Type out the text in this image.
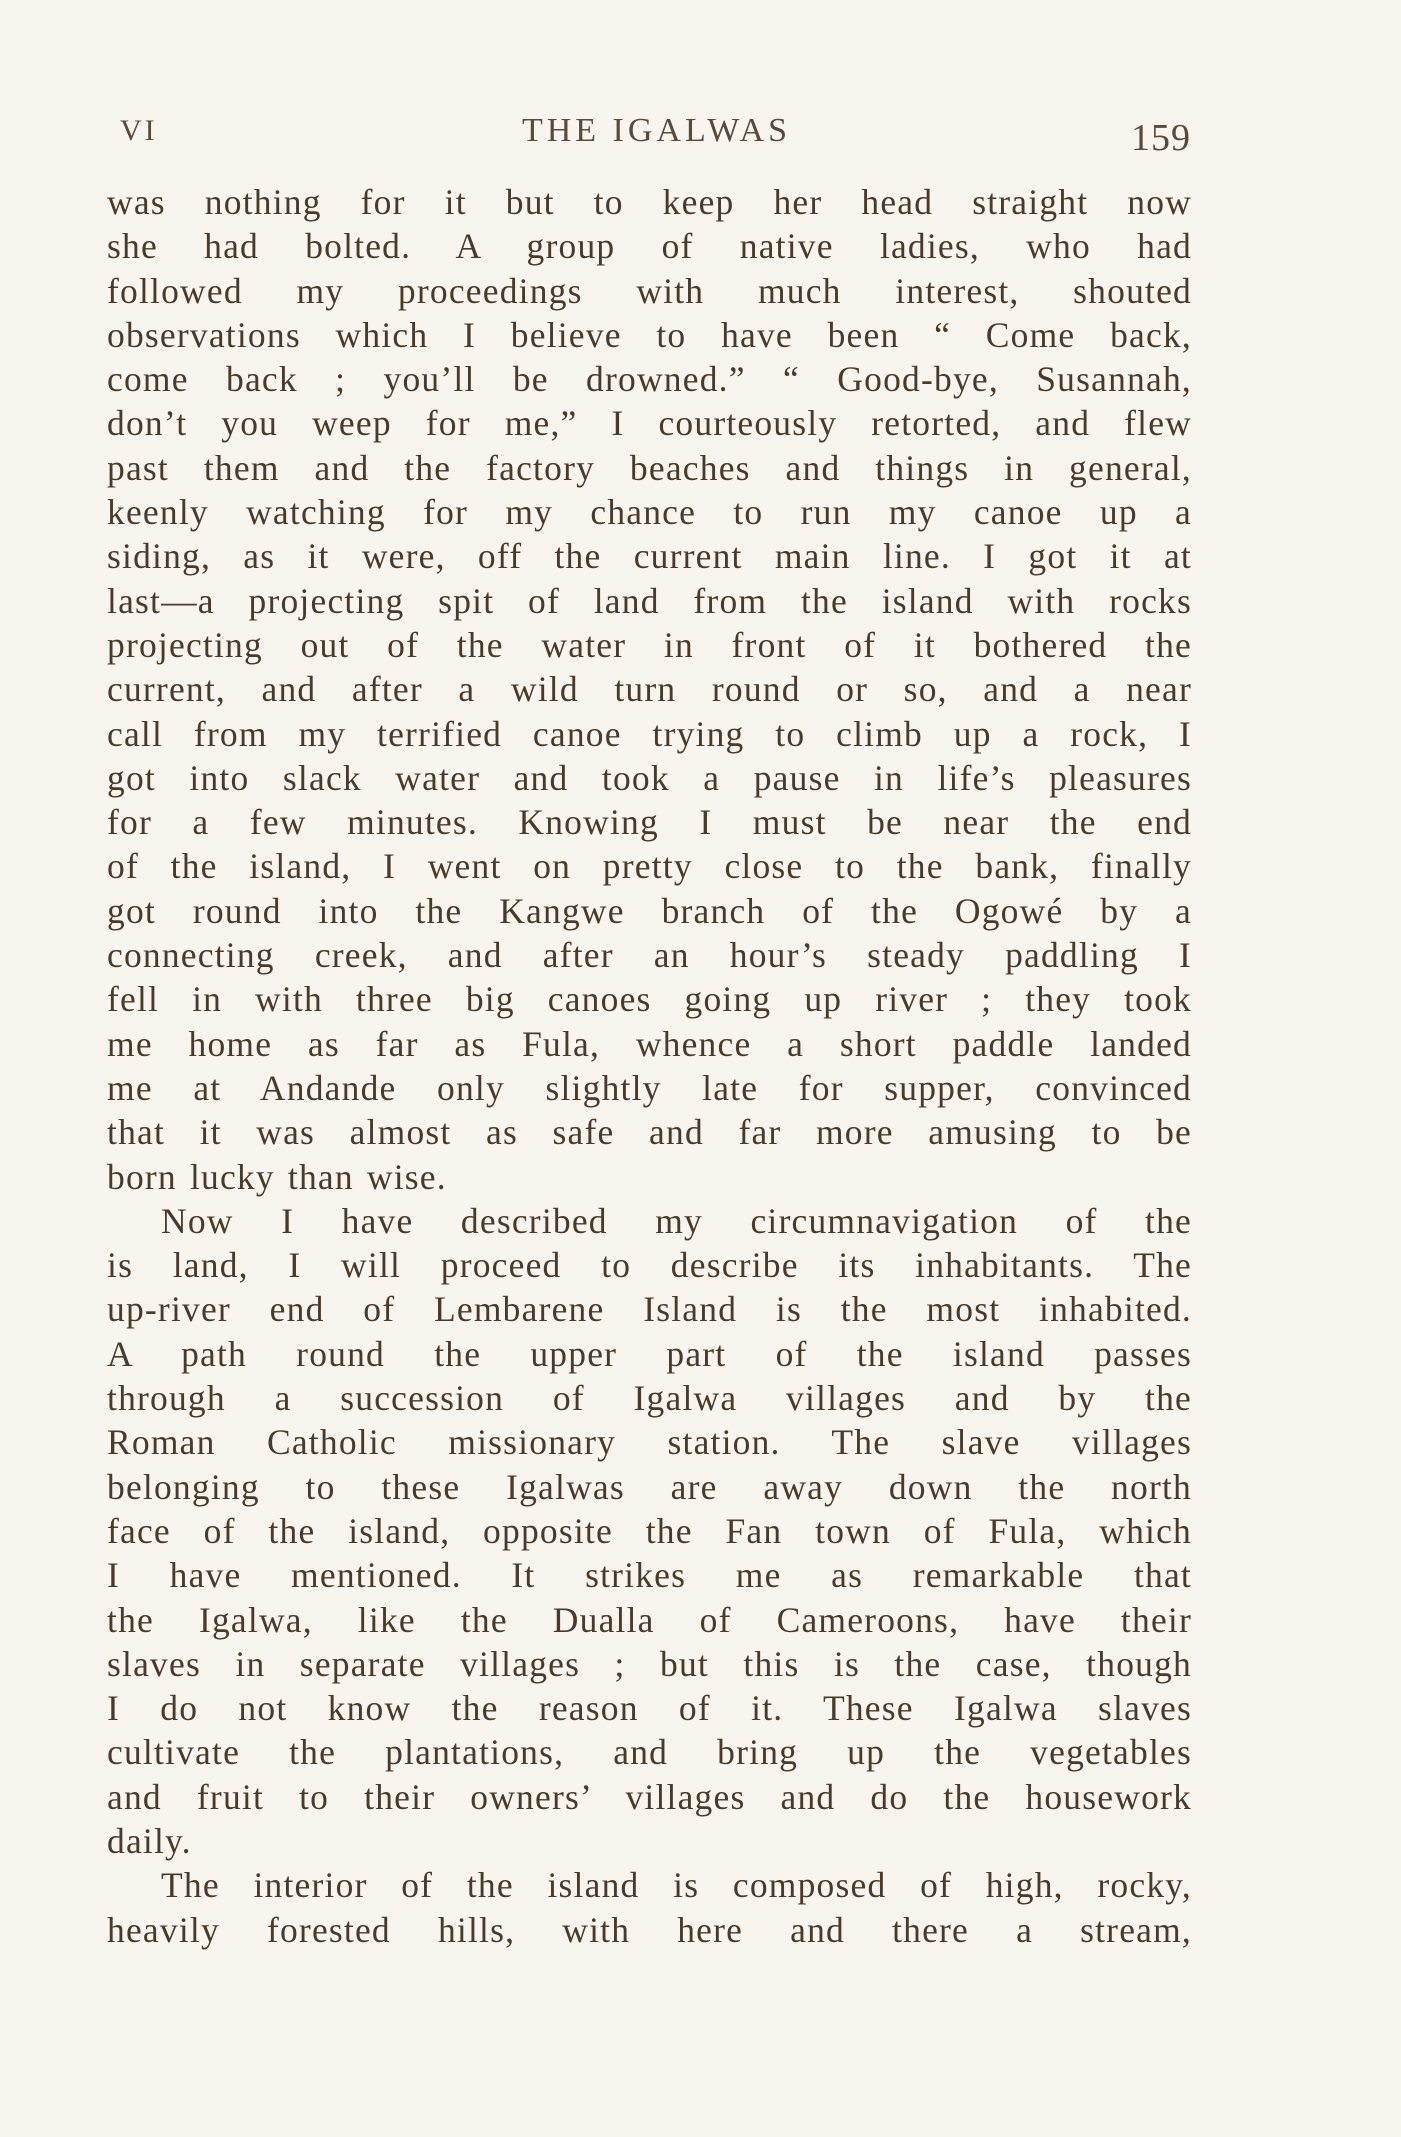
VI	THE IGALWAS	159
was nothing for it but to keep her head straight now
she had bolted. A group of native ladies, who had
followed my proceedings with much interest, shouted
observations which I believe to have been “ Come back,
come back ; you’ll be drowned.” “ Good-bye, Susannah,
don’t you weep for me,” I courteously retorted, and flew
past them and the factory beaches and things in general,
keenly watching for my chance to run my canoe up a
siding, as it were, off the current main line. I got it at
last—a projecting spit of land from the island with rocks
projecting out of the water in front of it bothered the
current, and after a wild turn round or so, and a near
call from my terrified canoe trying to climb up a rock, I
got into slack water and took a pause in life’s pleasures
for a few minutes. Knowing I must be near the end
of the island, I went on pretty close to the bank, finally
got round into the Kangwe branch of the Ogowé by a
connecting creek, and after an hour’s steady paddling I
fell in with three big canoes going up river ; they took
me home as far as Fula, whence a short paddle landed
me at Andande only slightly late for supper, convinced
that it was almost as safe and far more amusing to be
born lucky than wise.
Now I have described my circumnavigation of the
is land, I will proceed to describe its inhabitants. The
up-river end of Lembarene Island is the most inhabited.
A path round the upper part of the island passes
through a succession of Igalwa villages and by the
Roman Catholic missionary station. The slave villages
belonging to these Igalwas are away down the north
face of the island, opposite the Fan town of Fula, which
I have mentioned. It strikes me as remarkable that
the Igalwa, like the Dualla of Cameroons, have their
slaves in separate villages ; but this is the case, though
I do not know the reason of it. These Igalwa slaves
cultivate the plantations, and bring up the vegetables
and fruit to their owners’ villages and do the housework
daily.
The interior of the island is composed of high, rocky,
heavily forested hills, with here and there a stream,
